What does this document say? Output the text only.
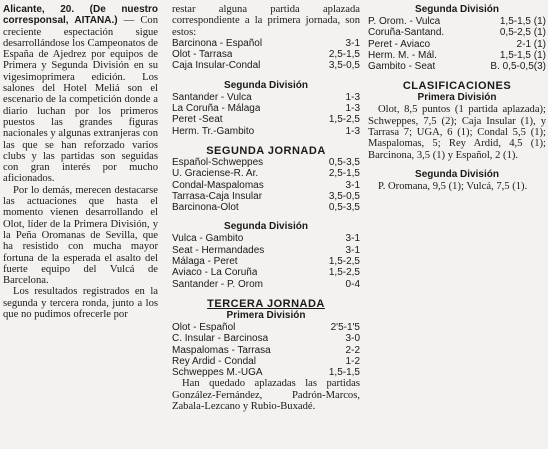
Alicante, 20. (De nuestro corresponsal, AITANA.) — Con creciente espectación sigue desarrollándose los Campeonatos de España de Ajedrez por equipos de Primera y Segunda División en su vigesimoprimera edición. Los salones del Hotel Meliá son el escenario de la competición donde a diario luchan por los primeros puestos las grandes figuras nacionales y algunas extranjeras con las que se han reforzado varios clubs y las partidas son seguidas con gran interés por mucho aficionados.

Por lo demás, merecen destacarse las actuaciones que hasta el momento vienen desarrollando el Olot, líder de la Primera División, y la Peña Oromanas de Sevilla, que ha resistido con mucha mayor fortuna de la esperada el asalto del fuerte equipo del Vulcá de Barcelona.

Los resultados registrados en la segunda y tercera ronda, junto a los que no pudimos ofrecerle por

restar alguna partida aplazada correspondiente a la primera jornada, son estos:

Barcinona - Español	3-1
Olot - Tarrasa	2,5-1,5
Caja Insular-Condal	3,5-0,5

Segunda División

Santander - Vulca	1-3
La Coruña - Málaga	1-3
Peret -Seat	1,5-2,5
Herm. Tr.-Gambito	1-3

SEGUNDA JORNADA

Español-Schweppes	0,5-3,5
U. Graciense-R. Ar.	2,5-1,5
Condal-Maspalomas	3-1
Tarrasa-Caja Insular	3,5-0,5
Barcinona-Olot	0,5-3,5

Segunda División

Vulca - Gambito	3-1
Seat - Hermandades	3-1
Málaga - Peret	1,5-2,5
Aviaco - La Coruña	1,5-2,5
Santander - P. Orom	0-4

TERCERA JORNADA

Primera División

Olot - Español	2'5-1'5
C. Insular - Barcinosa	3-0
Maspalomas - Tarrasa	2-2
Rey Ardid - Condal	1-2
Schweppes M.-UGA	1,5-1,5

Han quedado aplazadas las partidas González-Fernández, Padrón-Marcos, Zabala-Lezcano y Rubio-Buxadé.

Segunda División

P. Orom. - Vulca	1,5-1,5 (1)
Coruña-Santand.	0,5-2,5 (1)
Peret - Aviaco	2-1 (1)
Herm. M. - Mál.	1,5-1,5 (1)
Gambito - Seat	B. 0,5-0,5(3)

CLASIFICACIONES

Primera División

Olot, 8,5 puntos (1 partida aplazada); Schweppes, 7,5 (2); Caja Insular (1), y Tarrasa 7; UGA, 6 (1); Condal 5,5 (1); Maspalomas, 5; Rey Ardid, 4,5 (1); Barcinona, 3,5 (1) y Español, 2 (1).

Segunda División

P. Oromana, 9,5 (1); Vulcá, 7,5 (1).
